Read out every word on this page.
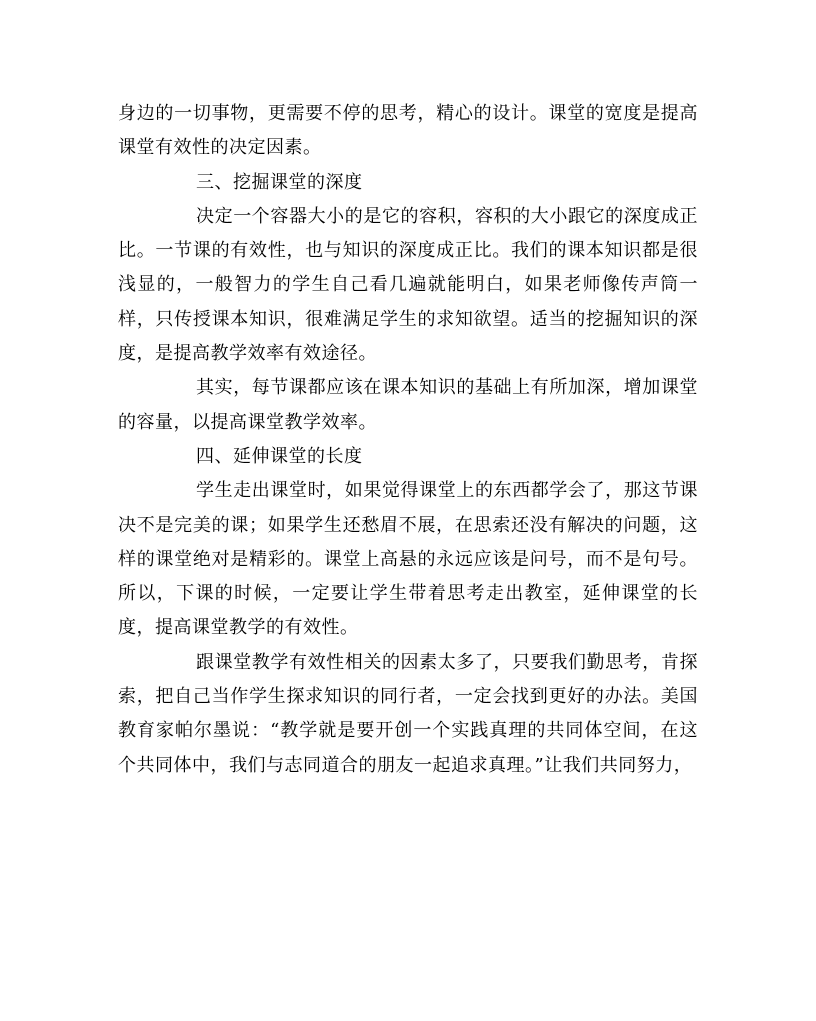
身边的一切事物，更需要不停的思考，精心的设计。课堂的宽度是提高课堂有效性的决定因素。

三、挖掘课堂的深度

决定一个容器大小的是它的容积，容积的大小跟它的深度成正比。一节课的有效性，也与知识的深度成正比。我们的课本知识都是很浅显的，一般智力的学生自己看几遍就能明白，如果老师像传声筒一样，只传授课本知识，很难满足学生的求知欲望。适当的挖掘知识的深度，是提高教学效率有效途径。

其实，每节课都应该在课本知识的基础上有所加深，增加课堂的容量，以提高课堂教学效率。

四、延伸课堂的长度

学生走出课堂时，如果觉得课堂上的东西都学会了，那这节课决不是完美的课；如果学生还愁眉不展，在思索还没有解决的问题，这样的课堂绝对是精彩的。课堂上高悬的永远应该是问号，而不是句号。所以，下课的时候，一定要让学生带着思考走出教室，延伸课堂的长度，提高课堂教学的有效性。

跟课堂教学有效性相关的因素太多了，只要我们勤思考，肯探索，把自己当作学生探求知识的同行者，一定会找到更好的办法。美国教育家帕尔墨说：“教学就是要开创一个实践真理的共同体空间，在这个共同体中，我们与志同道合的朋友一起追求真理。”让我们共同努力，
